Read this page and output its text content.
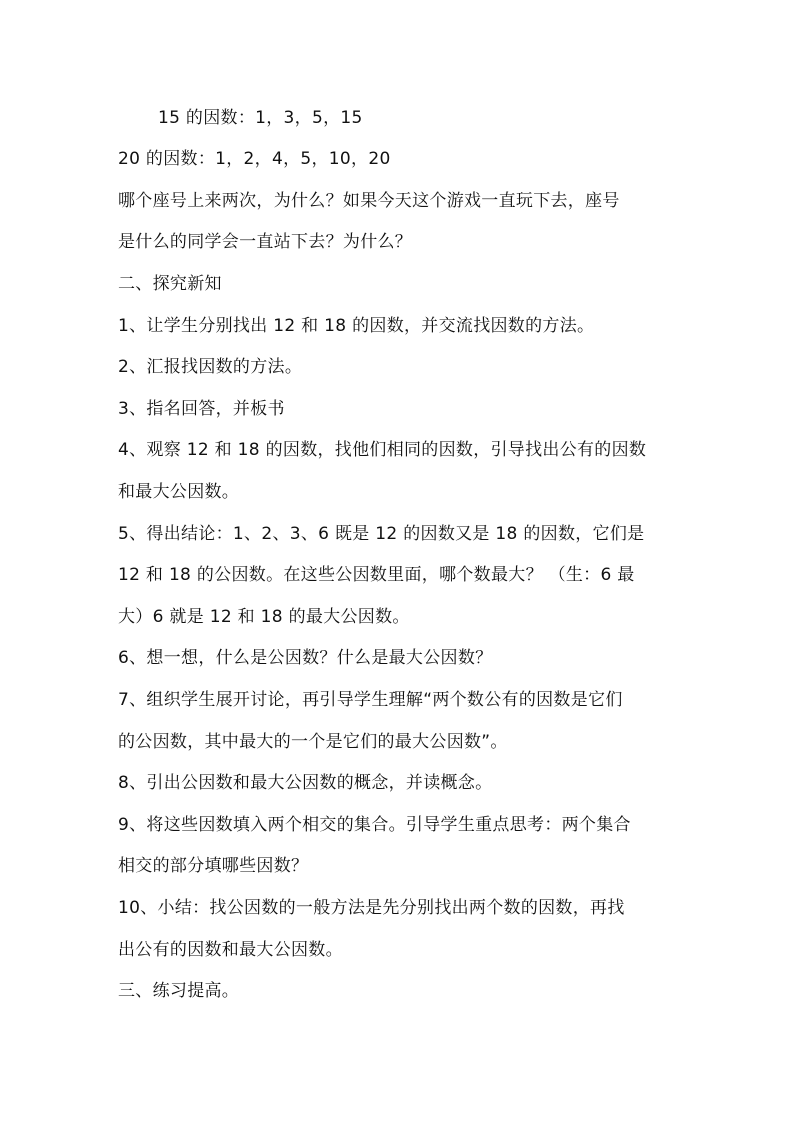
15 的因数：1，3，5，15
20 的因数：1，2，4，5，10，20
哪个座号上来两次，为什么？如果今天这个游戏一直玩下去，座号
是什么的同学会一直站下去？为什么？
二、探究新知
1、让学生分别找出 12 和 18 的因数，并交流找因数的方法。
2、汇报找因数的方法。
3、指名回答，并板书
4、观察 12 和 18 的因数，找他们相同的因数，引导找出公有的因数
和最大公因数。
5、得出结论：1、2、3、6 既是 12 的因数又是 18 的因数，它们是
12 和 18 的公因数。在这些公因数里面，哪个数最大？ （生：6 最
大）6 就是 12 和 18 的最大公因数。
6、想一想，什么是公因数？什么是最大公因数？
7、组织学生展开讨论，再引导学生理解“两个数公有的因数是它们
的公因数，其中最大的一个是它们的最大公因数”。
8、引出公因数和最大公因数的概念，并读概念。
9、将这些因数填入两个相交的集合。引导学生重点思考：两个集合
相交的部分填哪些因数？
10、小结：找公因数的一般方法是先分别找出两个数的因数，再找
出公有的因数和最大公因数。
三、练习提高。
